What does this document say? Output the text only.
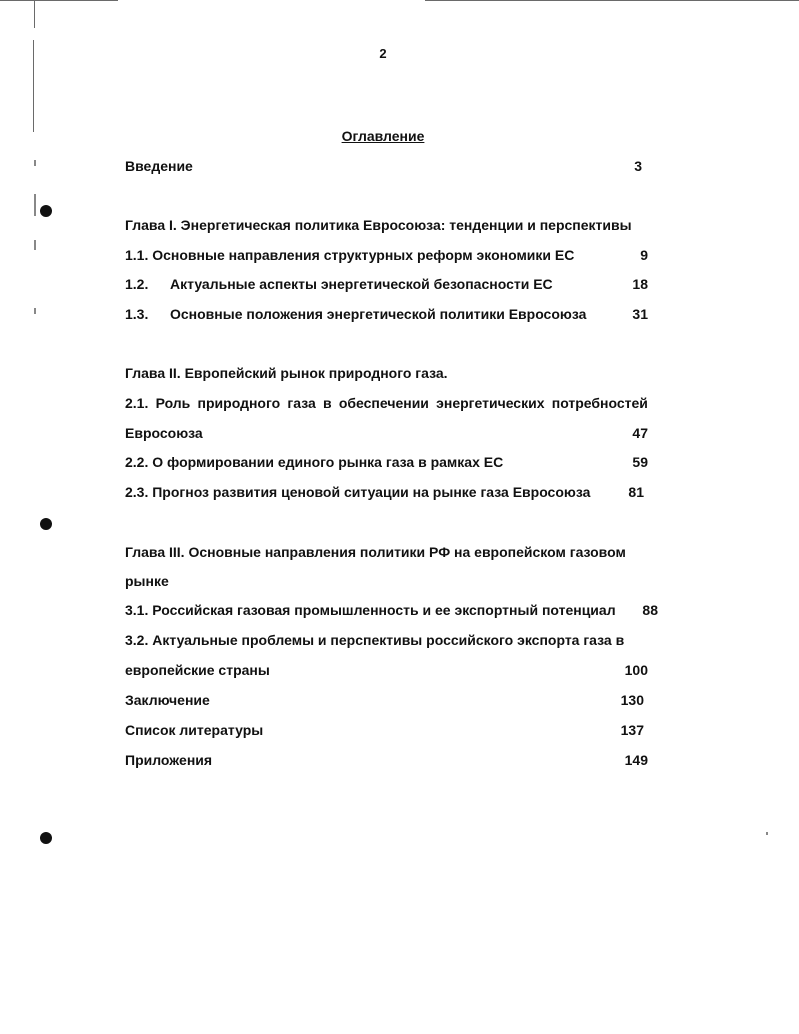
2
Оглавление
Введение	3
Глава I. Энергетическая политика Евросоюза: тенденции и перспективы
1.1. Основные направления структурных реформ экономики ЕС	9
1.2. Актуальные аспекты энергетической безопасности ЕС	18
1.3. Основные положения энергетической политики Евросоюза	31
Глава II. Европейский рынок природного газа.
2.1. Роль природного газа в обеспечении энергетических потребностей
Евросоюза	47
2.2. О формировании единого рынка газа в рамках ЕС	59
2.3. Прогноз развития ценовой ситуации на рынке газа Евросоюза	81
Глава III. Основные направления политики РФ на европейском газовом
рынке
3.1. Российская газовая промышленность и ее экспортный потенциал 88
3.2. Актуальные проблемы и перспективы российского экспорта газа в
европейские страны	100
Заключение	130
Список литературы	137
Приложения	149
